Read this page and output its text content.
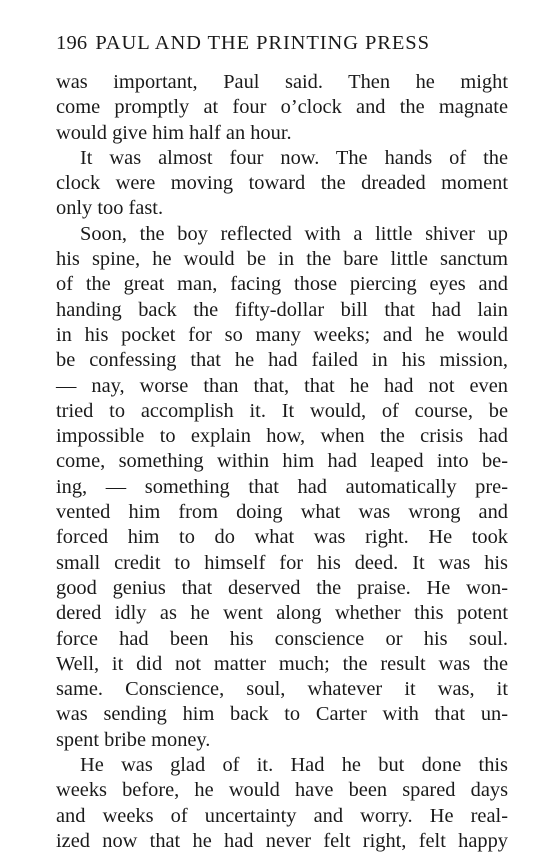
196 PAUL AND THE PRINTING PRESS
was important, Paul said. Then he might
come promptly at four o’clock and the magnate
would give him half an hour.
It was almost four now. The hands of the
clock were moving toward the dreaded moment
only too fast.
Soon, the boy reflected with a little shiver up
his spine, he would be in the bare little sanctum
of the great man, facing those piercing eyes and
handing back the fifty-dollar bill that had lain
in his pocket for so many weeks; and he would
be confessing that he had failed in his mission,
— nay, worse than that, that he had not even
tried to accomplish it. It would, of course, be
impossible to explain how, when the crisis had
come, something within him had leaped into be-
ing, — something that had automatically pre-
vented him from doing what was wrong and
forced him to do what was right. He took
small credit to himself for his deed. It was his
good genius that deserved the praise. He won-
dered idly as he went along whether this potent
force had been his conscience or his soul.
Well, it did not matter much; the result was the
same. Conscience, soul, whatever it was, it
was sending him back to Carter with that un-
spent bribe money.
He was glad of it. Had he but done this
weeks before, he would have been spared days
and weeks of uncertainty and worry. He real-
ized now that he had never felt right, felt happy
